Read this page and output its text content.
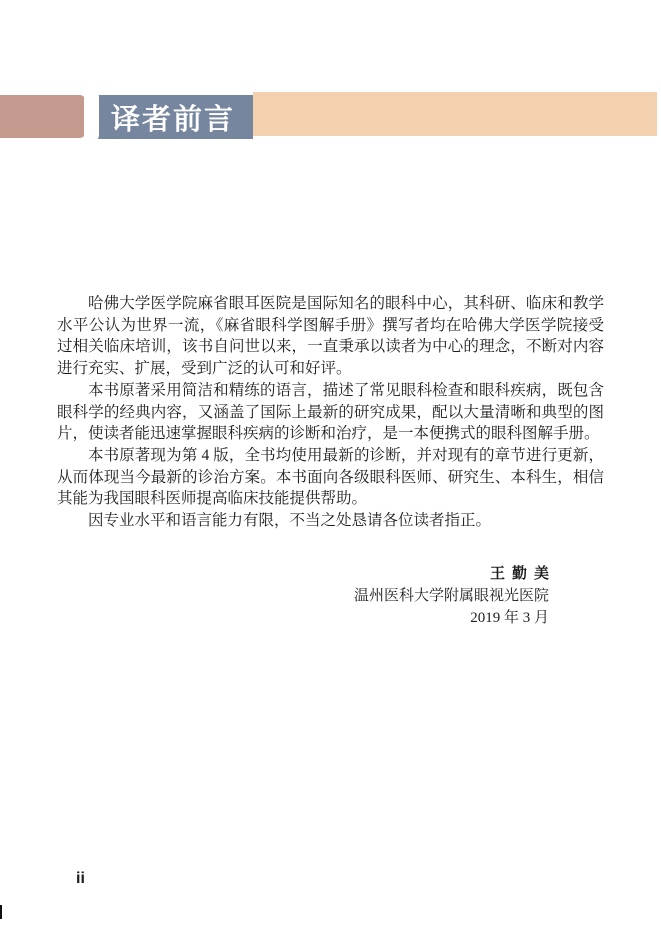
译者前言

哈佛大学医学院麻省眼耳医院是国际知名的眼科中心，其科研、临床和教学水平公认为世界一流，《麻省眼科学图解手册》撰写者均在哈佛大学医学院接受过相关临床培训，该书自问世以来，一直秉承以读者为中心的理念，不断对内容进行充实、扩展，受到广泛的认可和好评。

本书原著采用简洁和精练的语言，描述了常见眼科检查和眼科疾病，既包含眼科学的经典内容，又涵盖了国际上最新的研究成果，配以大量清晰和典型的图片，使读者能迅速掌握眼科疾病的诊断和治疗，是一本便携式的眼科图解手册。

本书原著现为第 4 版，全书均使用最新的诊断，并对现有的章节进行更新，从而体现当今最新的诊治方案。本书面向各级眼科医师、研究生、本科生，相信其能为我国眼科医师提高临床技能提供帮助。

因专业水平和语言能力有限，不当之处恳请各位读者指正。

王勤美
温州医科大学附属眼视光医院
2019 年 3 月
ii
